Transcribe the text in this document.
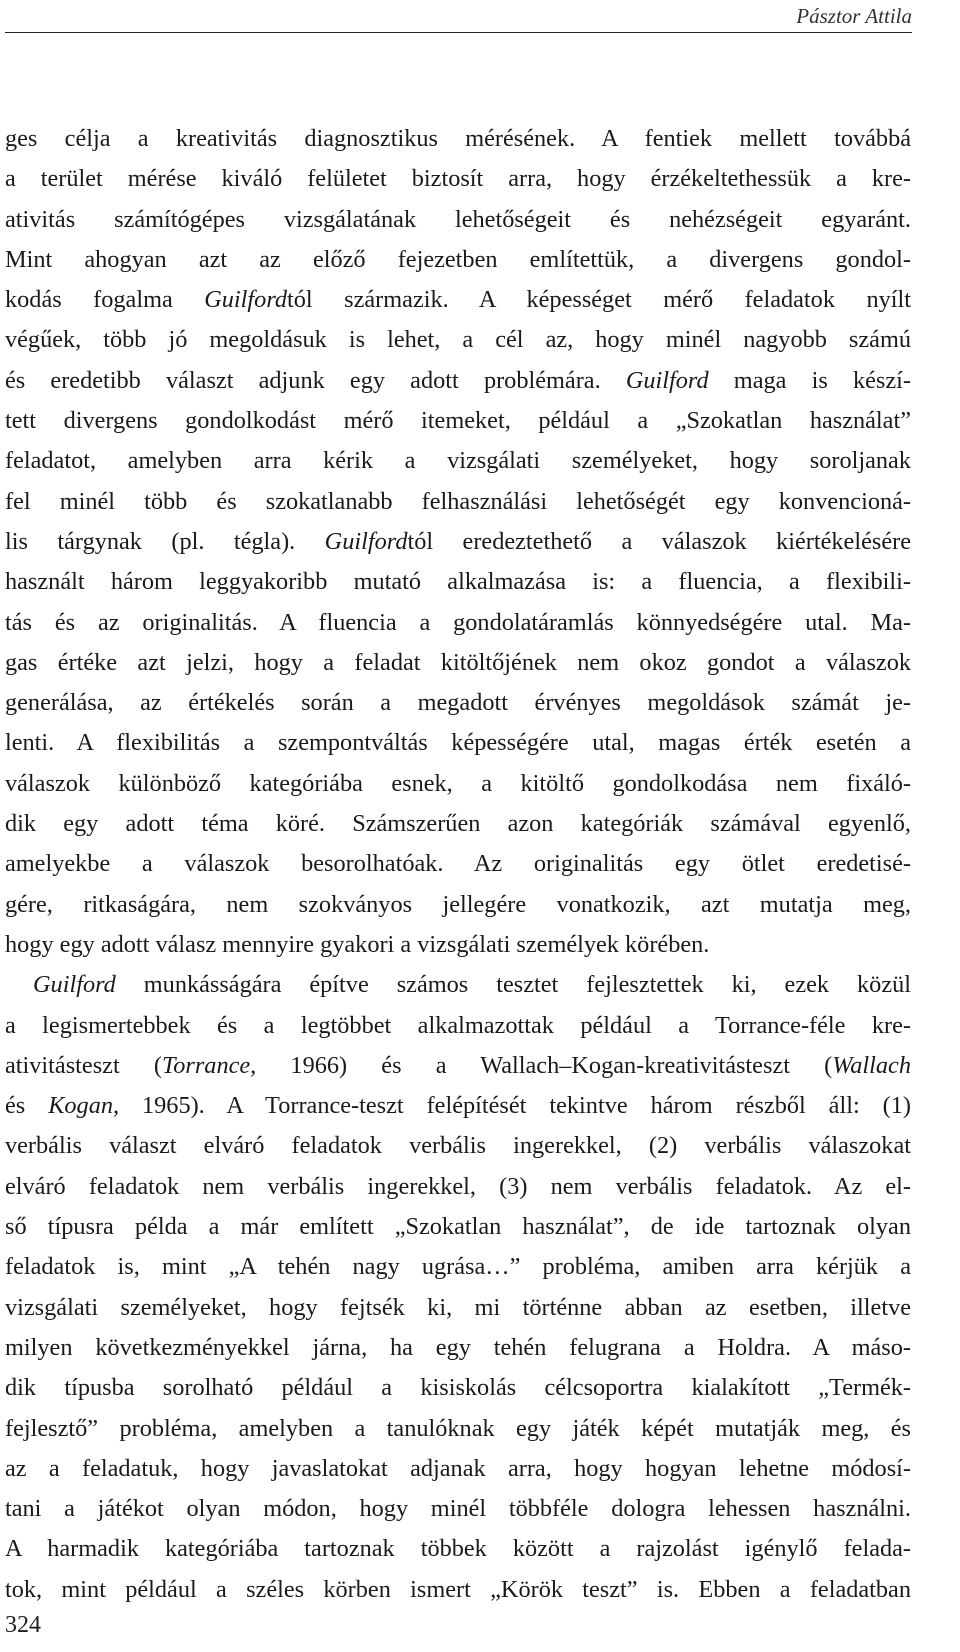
Pásztor Attila
ges célja a kreativitás diagnosztikus mérésének. A fentiek mellett továbbá
a terület mérése kiváló felületet biztosít arra, hogy érzékeltethessük a kre-
ativitás számítógépes vizsgálatának lehetőségeit és nehézségeit egyaránt.
Mint ahogyan azt az előző fejezetben említettük, a divergens gondol-
kodás fogalma Guilfordtól származik. A képességet mérő feladatok nyílt
végűek, több jó megoldásuk is lehet, a cél az, hogy minél nagyobb számú
és eredetibb választ adjunk egy adott problémára. Guilford maga is készí-
tett divergens gondolkodást mérő itemeket, például a „Szokatlan használat”
feladatot, amelyben arra kérik a vizsgálati személyeket, hogy soroljanak
fel minél több és szokatlanabb felhasználási lehetőségét egy konvencioná-
lis tárgynak (pl. tégla). Guilfordtól eredeztethető a válaszok kiértékelésére
használt három leggyakoribb mutató alkalmazása is: a fluencia, a flexibili-
tás és az originalitás. A fluencia a gondolatáramlás könnyedségére utal. Ma-
gas értéke azt jelzi, hogy a feladat kitöltőjének nem okoz gondot a válaszok
generálása, az értékelés során a megadott érvényes megoldások számát je-
lenti. A flexibilitás a szempontváltás képességére utal, magas érték esetén a
válaszok különböző kategóriába esnek, a kitöltő gondolkodása nem fixáló-
dik egy adott téma köré. Számszerűen azon kategóriák számával egyenlő,
amelyekbe a válaszok besorolhatóak. Az originalitás egy ötlet eredetisé-
gére, ritkaságára, nem szokványos jellegére vonatkozik, azt mutatja meg,
hogy egy adott válasz mennyire gyakori a vizsgálati személyek körében.
Guilford munkásságára építve számos tesztet fejlesztettek ki, ezek közül
a legismertebbek és a legtöbbet alkalmazottak például a Torrance-féle kre-
ativitásteszt (Torrance, 1966) és a Wallach–Kogan-kreativitásteszt (Wallach
és Kogan, 1965). A Torrance-teszt felépítését tekintve három részből áll: (1)
verbális választ elváró feladatok verbális ingerekkel, (2) verbális válaszokat
elváró feladatok nem verbális ingerekkel, (3) nem verbális feladatok. Az el-
ső típusra példa a már említett „Szokatlan használat”, de ide tartoznak olyan
feladatok is, mint „A tehén nagy ugrása…” probléma, amiben arra kérjük a
vizsgálati személyeket, hogy fejtsék ki, mi történne abban az esetben, illetve
milyen következményekkel járna, ha egy tehén felugrana a Holdra. A máso-
dik típusba sorolható például a kisiskolás célcsoportra kialakított „Termék-
fejlesztő” probléma, amelyben a tanulóknak egy játék képét mutatják meg, és
az a feladatuk, hogy javaslatokat adjanak arra, hogy hogyan lehetne módosí-
tani a játékot olyan módon, hogy minél többféle dologra lehessen használni.
A harmadik kategóriába tartoznak többek között a rajzolást igénylő felada-
tok, mint például a széles körben ismert „Körök teszt” is. Ebben a feladatban
324
